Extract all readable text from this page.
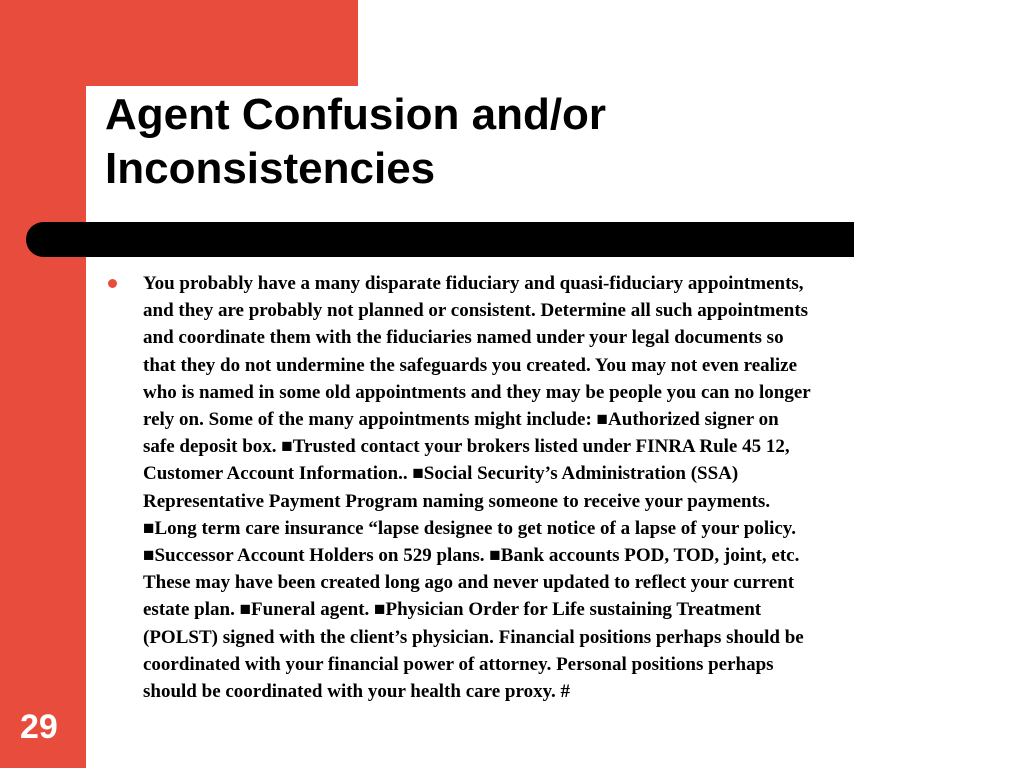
Agent Confusion and/or
Inconsistencies

You probably have a many disparate fiduciary and quasi-fiduciary appointments,
and they are probably not planned or consistent. Determine all such appointments
and coordinate them with the fiduciaries named under your legal documents so
that they do not undermine the safeguards you created. You may not even realize
who is named in some old appointments and they may be people you can no longer
rely on. Some of the many appointments might include: ■Authorized signer on
safe deposit box. ■Trusted contact your brokers listed under FINRA Rule 45 12,
Customer Account Information.. ■Social Security’s Administration (SSA)
Representative Payment Program naming someone to receive your payments.
■Long term care insurance “lapse designee to get notice of a lapse of your policy.
■Successor Account Holders on 529 plans. ■Bank accounts POD, TOD, joint, etc.
These may have been created long ago and never updated to reflect your current
estate plan. ■Funeral agent. ■Physician Order for Life sustaining Treatment
(POLST) signed with the client’s physician. Financial positions perhaps should be
coordinated with your financial power of attorney. Personal positions perhaps
should be coordinated with your health care proxy. #

29
